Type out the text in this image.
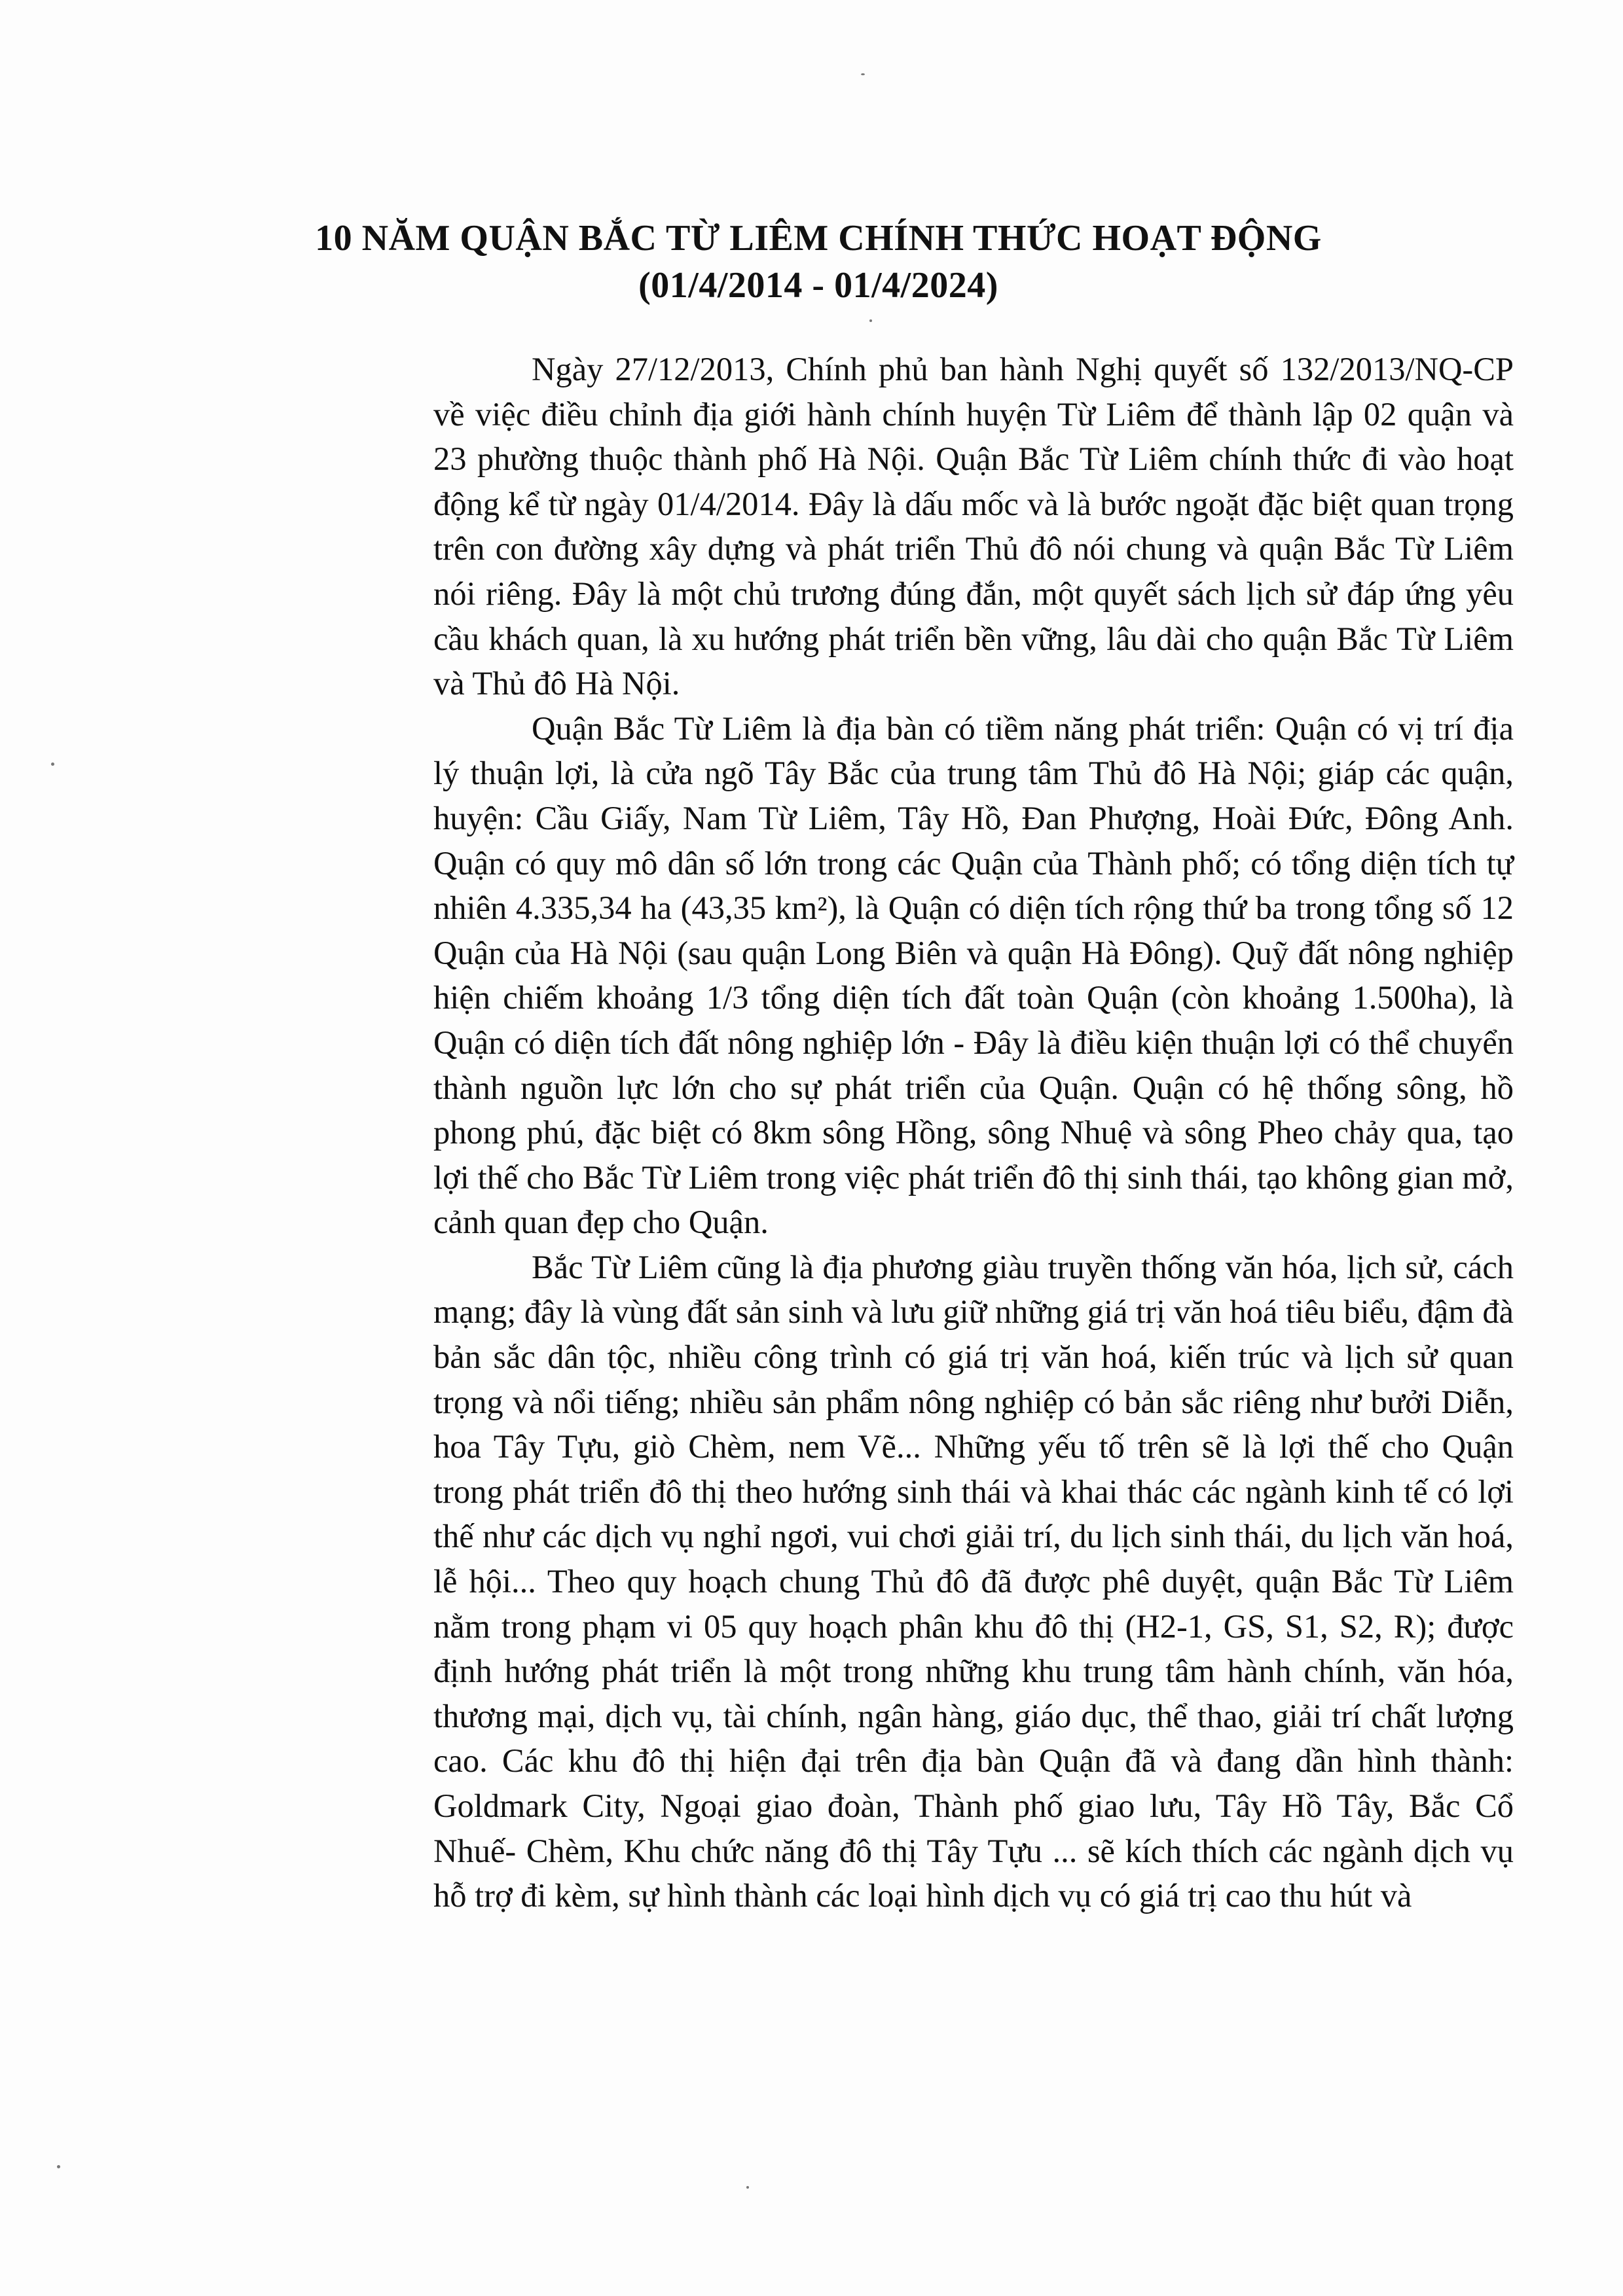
10 NĂM QUẬN BẮC TỪ LIÊM CHÍNH THỨC HOẠT ĐỘNG
(01/4/2014 - 01/4/2024)

Ngày 27/12/2013, Chính phủ ban hành Nghị quyết số 132/2013/NQ-CP về việc điều chỉnh địa giới hành chính huyện Từ Liêm để thành lập 02 quận và 23 phường thuộc thành phố Hà Nội. Quận Bắc Từ Liêm chính thức đi vào hoạt động kể từ ngày 01/4/2014. Đây là dấu mốc và là bước ngoặt đặc biệt quan trọng trên con đường xây dựng và phát triển Thủ đô nói chung và quận Bắc Từ Liêm nói riêng. Đây là một chủ trương đúng đắn, một quyết sách lịch sử đáp ứng yêu cầu khách quan, là xu hướng phát triển bền vững, lâu dài cho quận Bắc Từ Liêm và Thủ đô Hà Nội.

Quận Bắc Từ Liêm là địa bàn có tiềm năng phát triển: Quận có vị trí địa lý thuận lợi, là cửa ngõ Tây Bắc của trung tâm Thủ đô Hà Nội; giáp các quận, huyện: Cầu Giấy, Nam Từ Liêm, Tây Hồ, Đan Phượng, Hoài Đức, Đông Anh. Quận có quy mô dân số lớn trong các Quận của Thành phố; có tổng diện tích tự nhiên 4.335,34 ha (43,35 km²), là Quận có diện tích rộng thứ ba trong tổng số 12 Quận của Hà Nội (sau quận Long Biên và quận Hà Đông). Quỹ đất nông nghiệp hiện chiếm khoảng 1/3 tổng diện tích đất toàn Quận (còn khoảng 1.500ha), là Quận có diện tích đất nông nghiệp lớn - Đây là điều kiện thuận lợi có thể chuyển thành nguồn lực lớn cho sự phát triển của Quận. Quận có hệ thống sông, hồ phong phú, đặc biệt có 8km sông Hồng, sông Nhuệ và sông Pheo chảy qua, tạo lợi thế cho Bắc Từ Liêm trong việc phát triển đô thị sinh thái, tạo không gian mở, cảnh quan đẹp cho Quận.

Bắc Từ Liêm cũng là địa phương giàu truyền thống văn hóa, lịch sử, cách mạng; đây là vùng đất sản sinh và lưu giữ những giá trị văn hoá tiêu biểu, đậm đà bản sắc dân tộc, nhiều công trình có giá trị văn hoá, kiến trúc và lịch sử quan trọng và nổi tiếng; nhiều sản phẩm nông nghiệp có bản sắc riêng như bưởi Diễn, hoa Tây Tựu, giò Chèm, nem Vẽ... Những yếu tố trên sẽ là lợi thế cho Quận trong phát triển đô thị theo hướng sinh thái và khai thác các ngành kinh tế có lợi thế như các dịch vụ nghỉ ngơi, vui chơi giải trí, du lịch sinh thái, du lịch văn hoá, lễ hội... Theo quy hoạch chung Thủ đô đã được phê duyệt, quận Bắc Từ Liêm nằm trong phạm vi 05 quy hoạch phân khu đô thị (H2-1, GS, S1, S2, R); được định hướng phát triển là một trong những khu trung tâm hành chính, văn hóa, thương mại, dịch vụ, tài chính, ngân hàng, giáo dục, thể thao, giải trí chất lượng cao. Các khu đô thị hiện đại trên địa bàn Quận đã và đang dần hình thành: Goldmark City, Ngoại giao đoàn, Thành phố giao lưu, Tây Hồ Tây, Bắc Cổ Nhuế- Chèm, Khu chức năng đô thị Tây Tựu ... sẽ kích thích các ngành dịch vụ hỗ trợ đi kèm, sự hình thành các loại hình dịch vụ có giá trị cao thu hút và
